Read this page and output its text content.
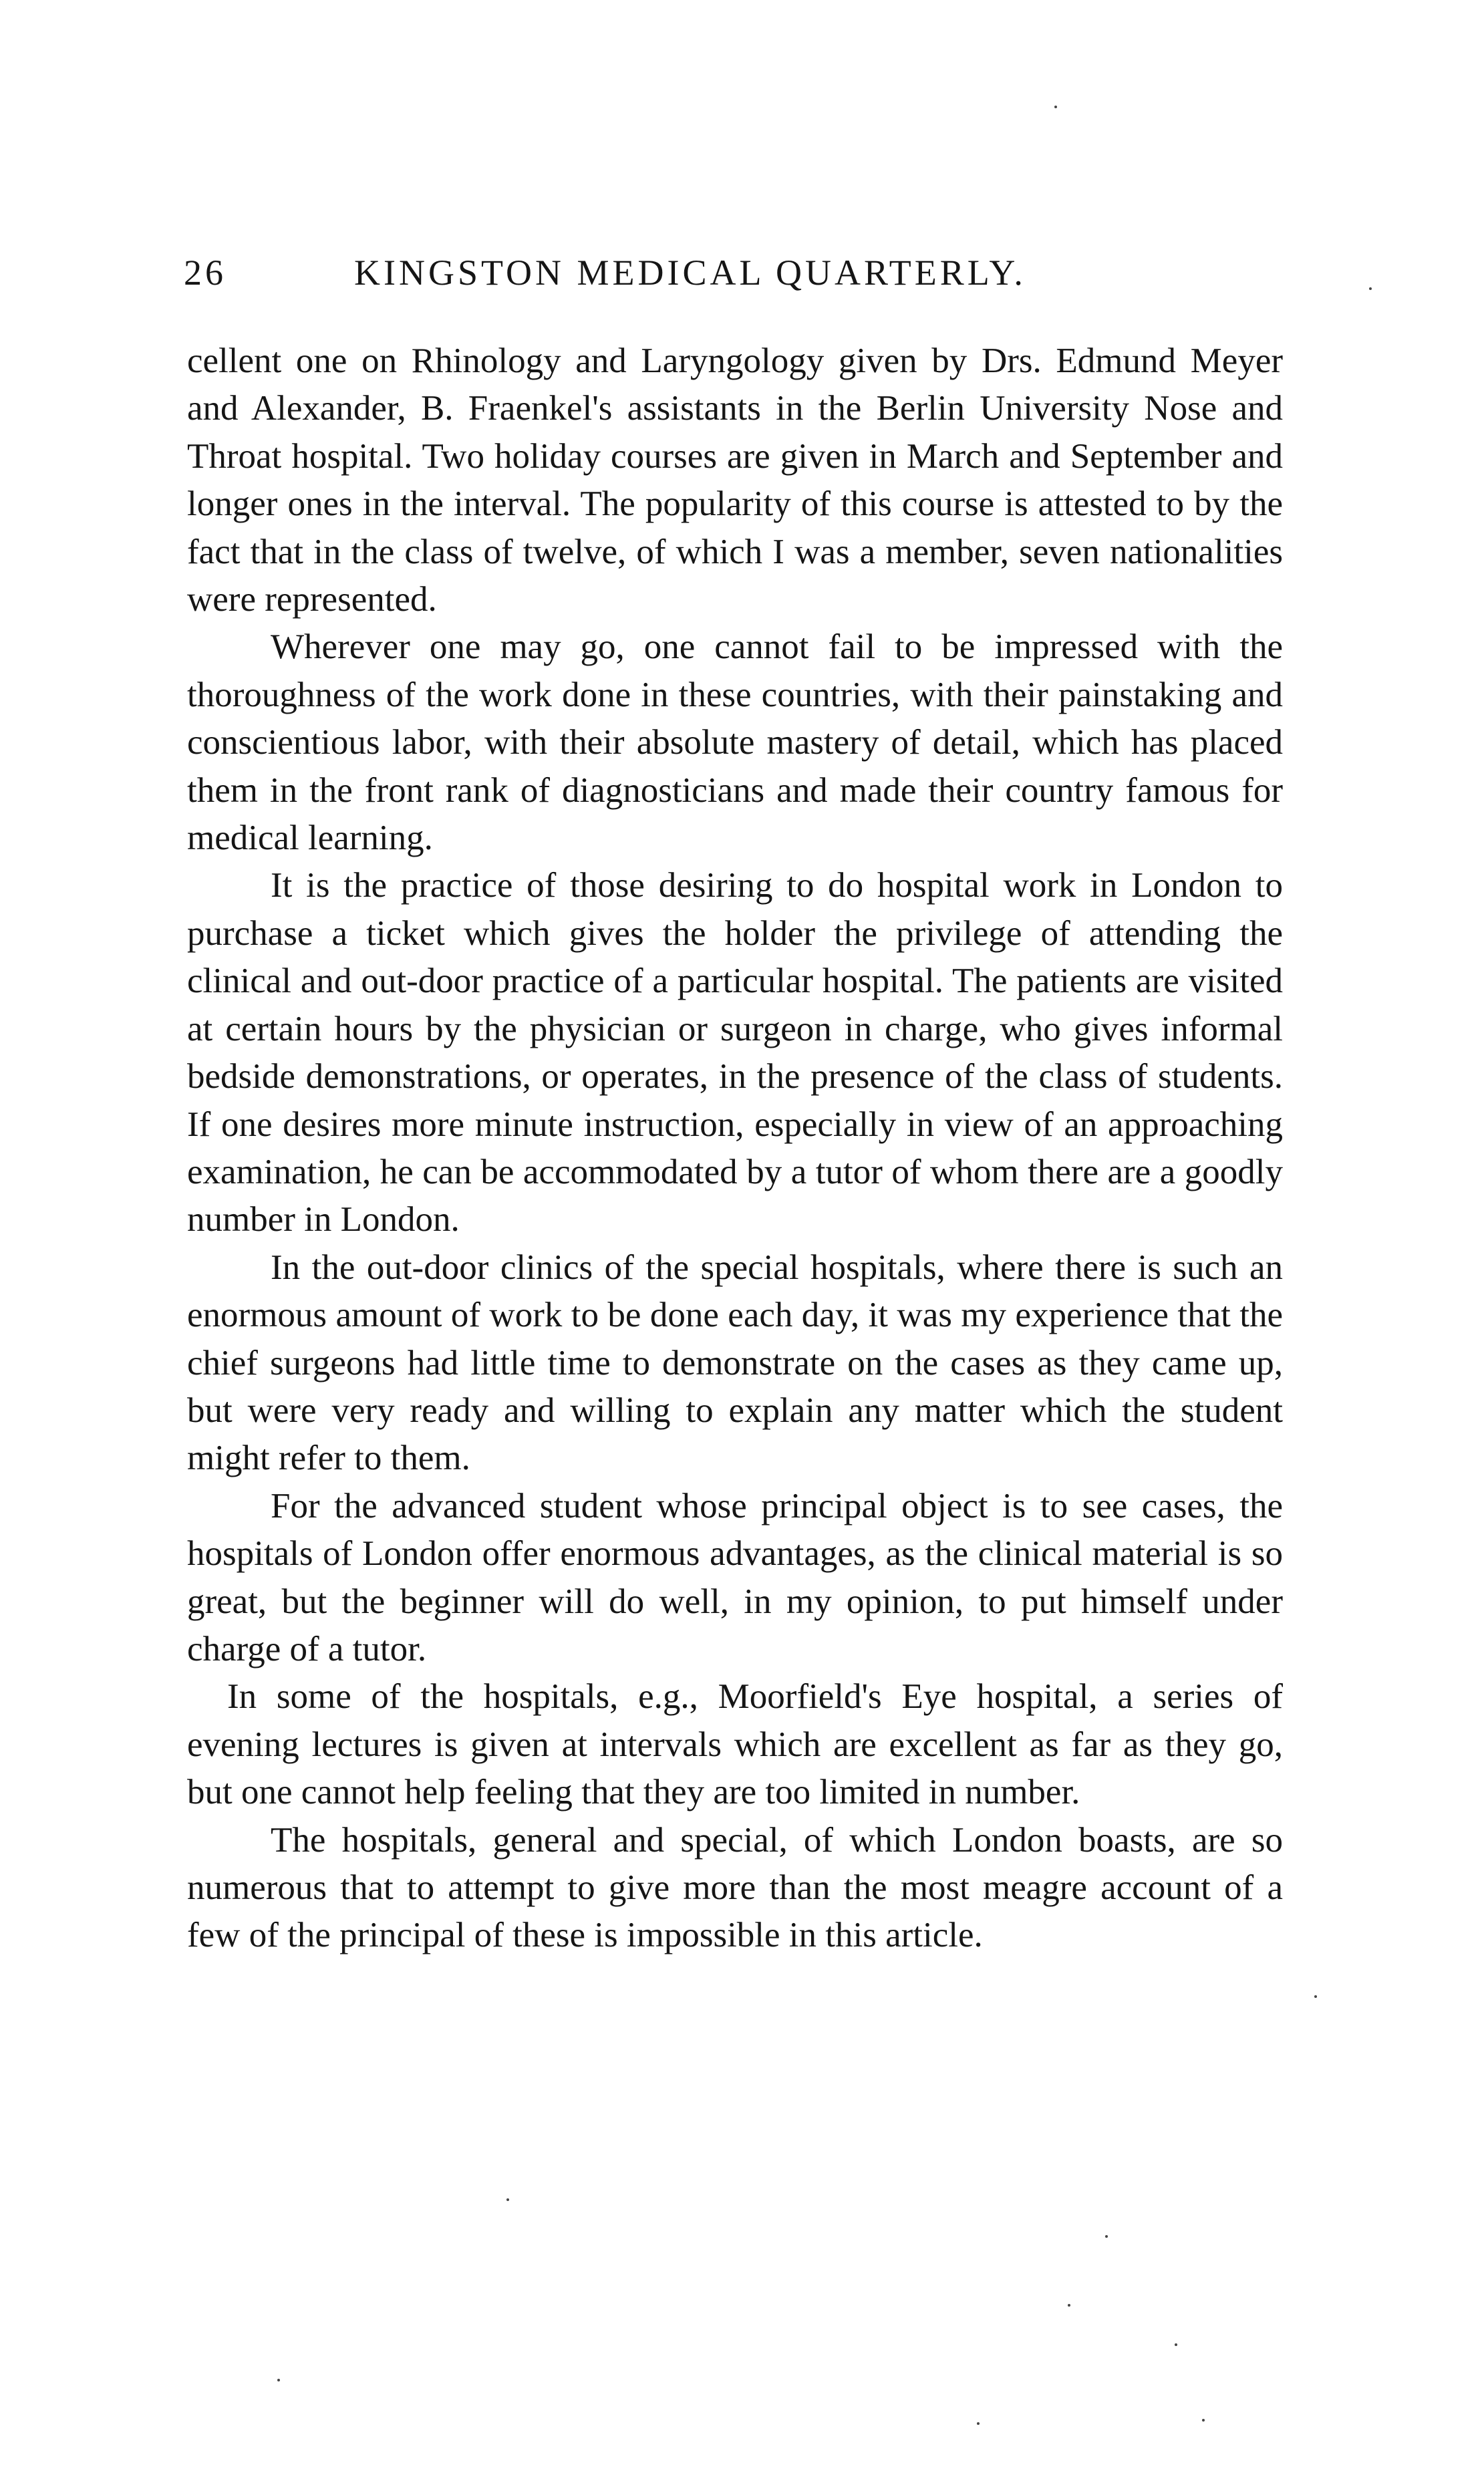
26	KINGSTON MEDICAL QUARTERLY.

cellent one on Rhinology and Laryngology given by Drs. Edmund Meyer and Alexander, B. Fraenkel's assistants in the Berlin University Nose and Throat hospital. Two holiday courses are given in March and September and longer ones in the interval. The popularity of this course is attested to by the fact that in the class of twelve, of which I was a member, seven nationalities were represented.

Wherever one may go, one cannot fail to be impressed with the thoroughness of the work done in these countries, with their painstaking and conscientious labor, with their absolute mastery of detail, which has placed them in the front rank of diagnosticians and made their country famous for medical learning.

It is the practice of those desiring to do hospital work in London to purchase a ticket which gives the holder the privilege of attending the clinical and out-door practice of a particular hospital. The patients are visited at certain hours by the physician or surgeon in charge, who gives informal bedside demonstrations, or operates, in the presence of the class of students. If one desires more minute instruction, especially in view of an approaching examination, he can be accommodated by a tutor of whom there are a goodly number in London.

In the out-door clinics of the special hospitals, where there is such an enormous amount of work to be done each day, it was my experience that the chief surgeons had little time to demonstrate on the cases as they came up, but were very ready and willing to explain any matter which the student might refer to them.

For the advanced student whose principal object is to see cases, the hospitals of London offer enormous advantages, as the clinical material is so great, but the beginner will do well, in my opinion, to put himself under charge of a tutor.

In some of the hospitals, e.g., Moorfield's Eye hospital, a series of evening lectures is given at intervals which are excellent as far as they go, but one cannot help feeling that they are too limited in number.

The hospitals, general and special, of which London boasts, are so numerous that to attempt to give more than the most meagre account of a few of the principal of these is impossible in this article.
